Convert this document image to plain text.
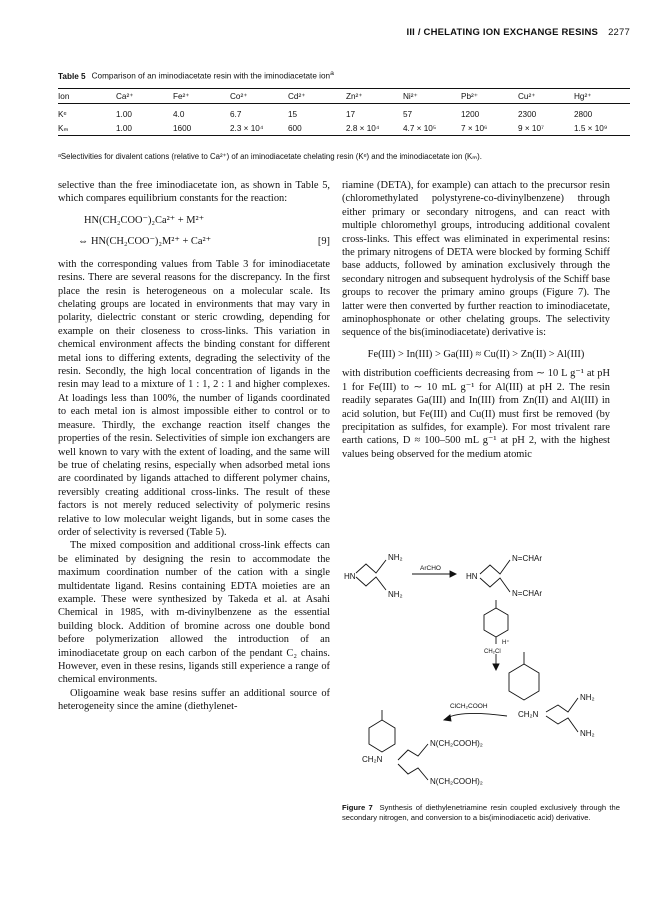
III / CHELATING ION EXCHANGE RESINS 2277
Table 5 Comparison of an iminodiacetate resin with the iminodiacetate ion$^a$
Ion	Ca²⁺	Fe²⁺	Co²⁺	Cd²⁺	Zn²⁺	Ni²⁺	Pb²⁺	Cu²⁺	Hg²⁺
Kᵉ	1.00	4.0	6.7	15	17	57	1200	2300	2800
Kₘ	1.00	1600	2.3 × 10⁴	600	2.8 × 10⁴	4.7 × 10⁵	7 × 10⁶	9 × 10⁷	1.5 × 10⁹
ᵃSelectivities for divalent cations (relative to Ca²⁺) of an iminodiacetate chelating resin (Kᵉ) and the iminodiacetate ion (Kₘ).

selective than the free iminodiacetate ion, as shown in Table 5, which compares equilibrium constants for the reaction:

HN(CH₂COO⁻)₂Ca²⁺ + M²⁺
⇔ HN(CH₂COO⁻)₂M²⁺ + Ca²⁺	[9]

with the corresponding values from Table 3 for iminodiacetate resins. There are several reasons for the discrepancy. In the first place the resin is heterogeneous on a molecular scale. Its chelating groups are located in environments that may vary in polarity, dielectric constant or steric crowding, depending for example on their closeness to cross-links. This variation in chemical environment affects the binding constant for different metal ions to differing extents, degrading the selectivity of the resin. Secondly, the high local concentration of ligands in the resin may lead to a mixture of 1 : 1, 2 : 1 and higher complexes. At loadings less than 100%, the number of ligands coordinated to each metal ion is almost impossible either to control or to measure. Thirdly, the exchange reaction itself changes the properties of the resin. Selectivities of simple ion exchangers are well known to vary with the extent of loading, and the same will be true of chelating resins, especially when adsorbed metal ions are coordinated by ligands attached to different polymer chains, reversibly creating additional cross-links. The result of these factors is not merely reduced selectivity of polymeric resins relative to low molecular weight ligands, but in some cases the order of selectivity is reversed (Table 5).

The mixed composition and additional cross-link effects can be eliminated by designing the resin to accommodate the maximum coordination number of the cation with a single multidentate ligand. Resins containing EDTA moieties are an example. These were synthesized by Takeda et al. at Asahi Chemical in 1985, with m-divinylbenzene as the essential building block. Addition of bromine across one double bond before polymerization allowed the introduction of an iminodiacetate group on each carbon of the pendant C₂ chains. However, even in these resins, ligands still experience a range of chemical environments.

Oligoamine weak base resins suffer an additional source of heterogeneity since the amine (diethylenet-

riamine (DETA), for example) can attach to the precursor resin (chloromethylated polystyrene-co-divinylbenzene) through either primary or secondary nitrogens, and can react with multiple chloromethyl groups, introducing additional covalent cross-links. This effect was eliminated in experimental resins: the primary nitrogens of DETA were blocked by forming Schiff base adducts, followed by amination exclusively through the secondary nitrogen and subsequent hydrolysis of the Schiff base groups to recover the primary amino groups (Figure 7). The latter were then converted by further reaction to iminodiacetate, aminophosphonate or other chelating groups. The selectivity sequence of the bis(iminodiacetate) derivative is:

Fe(III) > In(III) > Ga(III) ≈ Cu(II) > Zn(II) > Al(III)

with distribution coefficients decreasing from ∼ 10 L g⁻¹ at pH 1 for Fe(III) to ∼ 10 mL g⁻¹ for Al(III) at pH 2. The resin readily separates Ga(III) and In(III) from Zn(II) and Al(III) in acid solution, but Fe(III) and Cu(II) must first be removed (by precipitation as sulfides, for example). For most trivalent rare earth cations, D ≈ 100–500 mL g⁻¹ at pH 2, with the highest values being observed for the medium atomic

NH₂
HN
NH₂
ArCHO
N=CHAr
HN
N=CHAr
CH₂Cl
H⁺
ClCH₂COOH
CH₂N
NH₂
NH₂
CH₂N
N(CH₂COOH)₂
N(CH₂COOH)₂
Figure 7 Synthesis of diethylenetriamine resin coupled exclusively through the secondary nitrogen, and conversion to a bis(iminodiacetic acid) derivative.
